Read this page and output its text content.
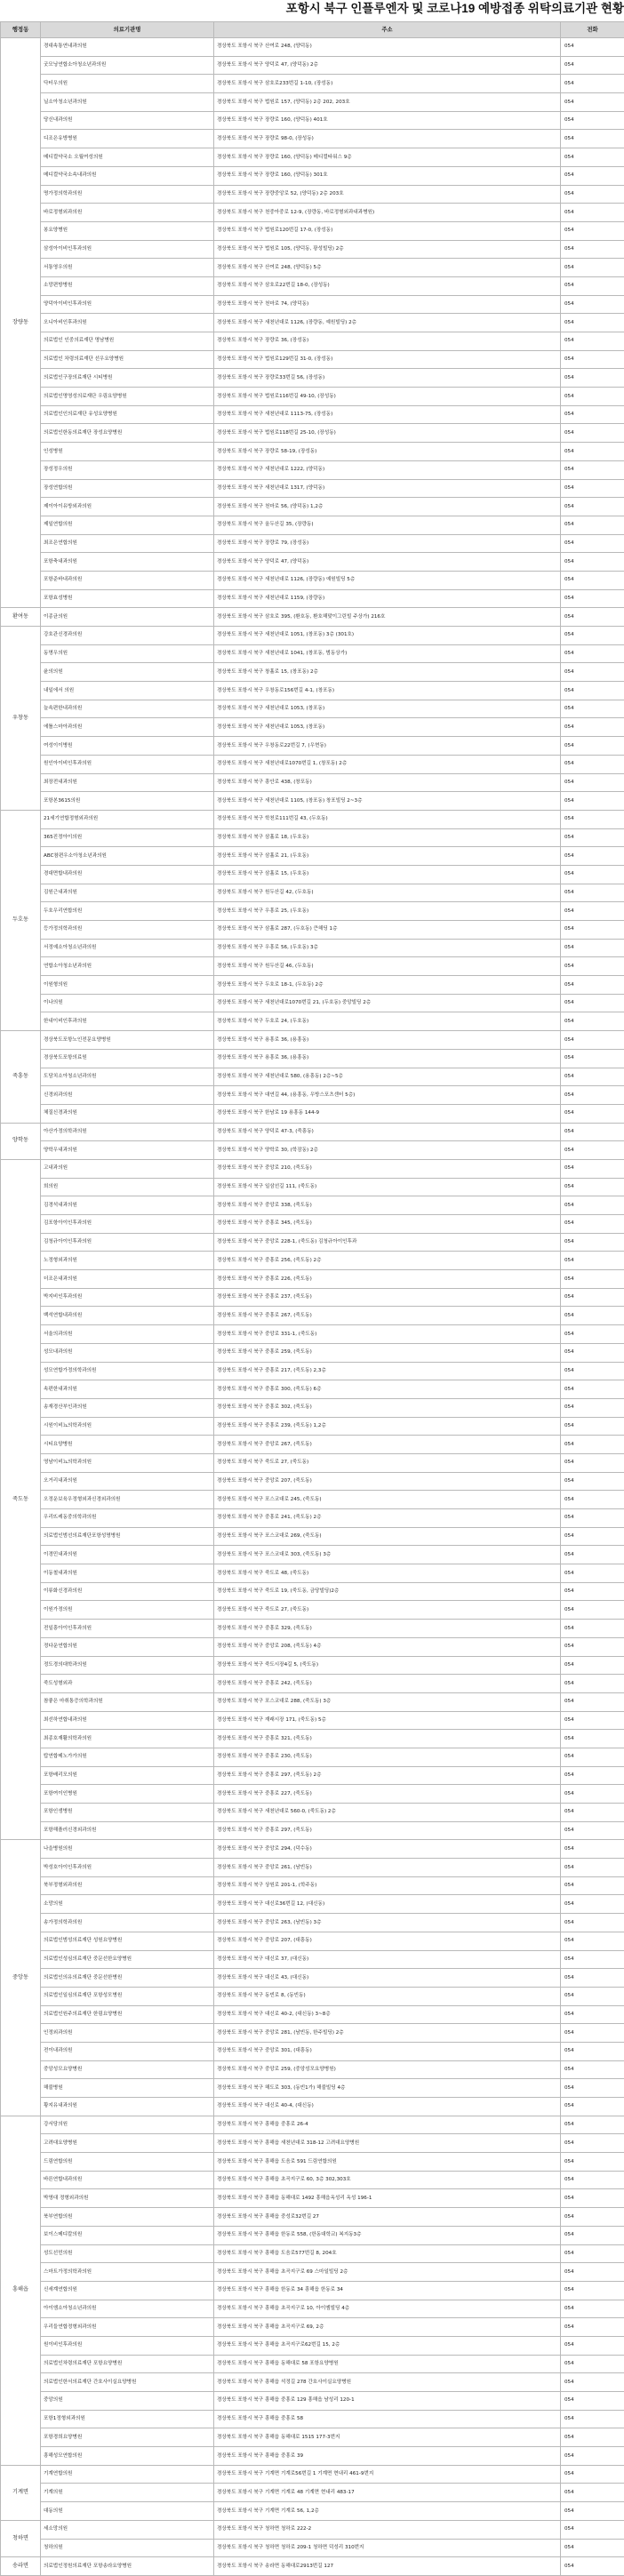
포항시 북구 인플루엔자 및 코로나19 예방접종 위탁의료기관 현황
행정동	의료기관명	주소	전화
장량동	경대속통연내과의원	경상북도 포항시 북구 산여로 248, (양덕동)	054
	굿모닝연합소아청소년과의원	경상북도 포항시 북구 양덕로 47, (양덕동) 2층	054
	닥터우의원	경상북도 포항시 북구 삼호로233번길 1-10, (장성동)	054
	닐소아청소년과의원	경상북도 포항시 북구 법원로 157, (양덕동) 2층 202, 203호	054
	당신내과의원	경상북도 포항시 북구 장량로 160, (양덕동) 401호	054
	디조은유방병원	경상북도 포항시 북구 장량로 98-0, (장성동)	054
	메디컬약국소 오월여성의원	경상북도 포항시 북구 장량로 160, (양덕동) 메디컬타워스 9층	054
	메디컬약국소속내과의원	경상북도 포항시 북구 장량로 160, (양덕동) 301호	054
	명가정의학과의원	경상북도 포항시 북구 장량중앙로 52, (양덕동) 2층 203호	054
	바로정형외과의원	경상북도 포항시 북구 천중아중로 12-9, (장량동, 바로정형외과내과병원)	054
	봉요양병원	경상북도 포항시 북구 법원로120번길 17-0, (장성동)	054
	삼성아이비인후과의원	경상북도 포항시 북구 법원로 105, (양덕동, 광성빌딩) 2층	054
	서통영우의원	경상북도 포항시 북구 산여로 248, (양덕동) 5층	054
	소망편방병원	경상북도 포항시 북구 삼호로22번길 18-0, (장성동)	054
	양덕아이비인후과의원	경상북도 포항시 북구 천마로 74, (양덕동)	054
	오니아비인후과의원	경상북도 포항시 북구 새천년대로 1126, (장량동, 예원빌딩) 2층	054
	의료법인 인중의료재단 명남병원	경상북도 포항시 북구 장량로 36, (장성동)	054
	의료법인 차령의료재단 선우요양병원	경상북도 포항시 북구 법원로129번길 31-0, (장성동)	054
	의료법인구장의료재단 시티병원	경상북도 포항시 북구 장량로33번길 56, (장성동)	054
	의료법인명영성의료재단 우림요양병원	경상북도 포항시 북구 법원로116번길 49-10, (장성동)	054
	의료법인인의료재단 유성요양병원	경상북도 포항시 북구 새천년대로 1113-75, (장성동)	054
	의료법인한동의료재단 장성요양병원	경상북도 포항시 북구 법원로118번길 25-10, (장성동)	054
	인성병원	경상북도 포항시 북구 장량로 58-19, (장성동)	054
	장성정우의원	경상북도 포항시 북구 새천년대로 1222, (양덕동)	054
	장성연합의원	경상북도 포항시 북구 새천년대로 1317, (양덕동)	054
	제이아이유방외과의원	경상북도 포항시 북구 천마로 56, (양덕동) 1,2층	054
	제일연합의원	경상북도 포항시 북구 올두산길 35, (장량동)	054
	최조은연합의원	경상북도 포항시 북구 장량로 79, (장성동)	054
	포항축내과의원	경상북도 포항시 북구 양덕로 47, (양덕동)	054
	포항준바내과의원	경상북도 포항시 북구 새천년대로 1126, (장량동) 예원빌딩 5층	054
	포항효성병원	경상북도 포항시 북구 새천년대로 1159, (장량동)	054
환여동	이종균의원	경상북도 포항시 북구 삼호로 395, (환호동, 환호해맞이그린빌 주상가) 216호	054
우창동	강호관신경과의원	경상북도 포항시 북구 새천년대로 1051, (창포동) 3층 (301호)	054
	동명우의원	경상북도 포항시 북구 새천년대로 1041, (창포동, 범동상가)	054
	윤의의원	경상북도 포항시 북구 창흘로 15, (창포동) 2층	054
	내일에서 의원	경상북도 포항시 북구 우창동로156번길 4-1, (창포동)	054
	늘속편한내과의원	경상북도 포항시 북구 새천년대로 1053, (창포동)	054
	에톨스마아과의원	경상북도 포항시 북구 새천년대로 1053, (창포동)	054
	여성이이병원	경상북도 포항시 북구 우창동로22번길 7, (우현동)	054
	원인아이비인후과의원	경상북도 포항시 북구 새천년대로1070번길 1, (창포동) 2층	054
	최장전내과의원	경상북도 포항시 북구 흥안로 438, (창포동)	054
	포항본3615의원	경상북도 포항시 북구 새천년대로 1105, (창포동) 창포빌딩 2~3층	054
두호동	21세기연합정형외과의원	경상북도 포항시 북구 학천로111번길 43, (두호동)	054
	365진정아이의원	경상북도 포항시 북구 삼흘로 18, (두호동)	054
	ABC참편우소아청소년과의원	경상북도 포항시 북구 삼흘로 21, (두호동)	054
	경대면합내과의원	경상북도 포항시 북구 삼흘로 15, (두호동)	054
	김원근내과의원	경상북도 포항시 북구 원두산길 42, (두호동)	054
	두호우리연합의원	경상북도 포항시 북구 우흥로 25, (두호동)	054
	등가정의학과의원	경상북도 포항시 북구 삼흘로 287, (두호동) 큰해딩 1층	054
	서정예소아청소년과의원	경상북도 포항시 북구 우흥로 56, (두호동) 3층	054
	연합소아청소년과의원	경상북도 포항시 북구 원두산길 46, (두호동)	054
	이원형의원	경상북도 포항시 북구 두호로 18-1, (두호동) 2층	054
	이나의원	경상북도 포항시 북구 새천년대로1070번길 21, (두호동) 중앙빌딩 2층	054
	한내이비인후과의원	경상북도 포항시 북구 두호로 24, (두호동)	054
죽흥동	경상북도포항노인전문요양병원	경상북도 포항시 북구 용흥로 36, (용흥동)	054
	경상북도포항의료원	경상북도 포항시 북구 용흥로 36, (용흥동)	054
	도담치소아청소년과의원	경상북도 포항시 북구 새천년대로 580, (용흥동) 2층~5층	054
	신경외과의원	경상북도 포항시 북구 대연길 44, (용흥동, 우방스포츠센터 5층)	054
	체질신경과의원	경상북도 포항시 북구 한남로 19 용흥동 144-9	054
양학동	아산가정의학과의원	경상북도 포항시 북구 양덕로 47-3, (죽흥동)	054
	양학우내과의원	경상북도 포항시 북구 양학로 30, (학잠동) 2층	054
죽도동	고내과의원	경상북도 포항시 북구 중앙로 210, (죽도동)	054
	희의원	경상북도 포항시 북구 일삼선길 111, (죽도동)	054
	김경석내과의원	경상북도 포항시 북구 중앙로 338, (죽도동)	054
	김포항아이인후과의원	경상북도 포항시 북구 중흥로 345, (죽도동)	054
	김청규아이인후과의원	경상북도 포항시 북구 중앙로 228-1, (죽도동) 김청규아이인후과	054
	노정형외과의원	경상북도 포항시 북구 중흥로 256, (죽도동) 2층	054
	더조은내과의원	경상북도 포항시 북구 중흥로 226, (죽도동)	054
	박지비인후과의원	경상북도 포항시 북구 중흥로 237, (죽도동)	054
	백석연합내과의원	경상북도 포항시 북구 중흥로 267, (죽도동)	054
	서울의과의원	경상북도 포항시 북구 중앙로 331-1, (죽도동)	054
	성모내과의원	경상북도 포항시 북구 중흥로 259, (죽도동)	054
	성모연합가정의학과의원	경상북도 포항시 북구 중흥로 217, (죽도동) 2,3층	054
	속편한내과의원	경상북도 포항시 북구 중흥로 300, (죽도동) 6층	054
	송재경산부인과의원	경상북도 포항시 북구 중흥로 302, (죽도동)	054
	시원이비뇨의학과의원	경상북도 포항시 북구 중흥로 239, (죽도동) 1,2층	054
	시티요양병원	경상북도 포항시 북구 중앙로 267, (죽도동)	054
	영남이비뇨의학과의원	경상북도 포항시 북구 죽도로 27, (죽도동)	054
	오거리내과의원	경상북도 포항시 북구 중앙로 207, (죽도동)	054
	오정운보육우정형외과신경외과의원	경상북도 포항시 북구 포스코대로 245, (죽도동)	054
	우리뜨레동중의학과의원	경상북도 포항시 북구 중흥로 241, (죽도동) 2층	054
	의료법인범선의료재단포항성명병원	경상북도 포항시 북구 포스코대로 269, (죽도동)	054
	이경민내과의원	경상북도 포항시 북구 포스코대로 303, (죽도동) 3층	054
	이동철내과의원	경상북도 포항시 북구 죽도로 48, (죽도동)	054
	이류화신경과의원	경상북도 포항시 북구 죽도로 19, (죽도동, 금당빌딩)2층	054
	이원가정의원	경상북도 포항시 북구 죽도로 27, (죽도동)	054
	전일흥아이인후과의원	경상북도 포항시 북구 중흥로 329, (죽도동)	054
	정다운연합의원	경상북도 포항시 북구 중앙로 208, (죽도동) 4층	054
	정도경의대학과의원	경상북도 포항시 북구 죽도시장4길 5, (죽도동)	054
	죽도성형외과	경상북도 포항시 북구 중흥로 242, (죽도동)	054
	참좋은 마취통증의학과의원	경상북도 포항시 북구 포스코대로 288, (죽도동) 3층	054
	최선하연합내과의원	경상북도 포항시 북구 재래시장 171, (죽도동) 5층	054
	최종호재활의학과의원	경상북도 포항시 북구 중흥로 321, (죽도동)	054
	탑연합메노가가의원	경상북도 포항시 북구 중흥로 230, (죽도동)	054
	포항배리모의원	경상북도 포항시 북구 중흥로 297, (죽도동) 2층	054
	포항여이인병원	경상북도 포항시 북구 중흥로 227, (죽도동)	054
	포항인생병원	경상북도 포항시 북구 새천년대로 560-0, (죽도동) 2층	054
	포항해플러신경외과의원	경상북도 포항시 북구 중흥로 297, (죽도동)	054
중앙동	나을병원의원	경상북도 포항시 북구 중앙로 294, (덕수동)	054
	박성호아이인후과의원	경상북도 포항시 북구 중앙로 261, (남빈동)	054
	북부정형외과의원	경상북도 포항시 북구 상원로 201-1, (학주동)	054
	소망의원	경상북도 포항시 북구 대신로36번길 12, (대신동)	054
	송가정의학과의원	경상북도 포항시 북구 중앙로 263, (남빈동) 3층	054
	의료법인범성의료재단 성원요양병원	경상북도 포항시 북구 중앙로 207, (대흥동)	054
	의료법인성심의료재단 중문선한요양병원	경상북도 포항시 북구 대신로 37, (대신동)	054
	의료법인의유의료재단 중문선한병원	경상북도 포항시 북구 대신로 43, (대신동)	054
	의료법인일심의료재단 포항성모병원	경상북도 포항시 북구 동빈로 8, (동빈동)	054
	의료법인원주의료재단 한림요양병원	경상북도 포항시 북구 대신로 40-2, (대신동) 3~8층	054
	인정외과의원	경상북도 포항시 북구 중앙로 281, (남빈동, 한주빌딩) 2층	054
	전이내과의원	경상북도 포항시 북구 중앙로 301, (대흥동)	054
	중앙성모요양병원	경상북도 포항시 북구 중앙로 259, (중앙성모요양병원)	054
	해불병원	경상북도 포항시 북구 해도로 303, (동빈1가) 해불빌딩 4층	054
	황지유내과의원	경상북도 포항시 북구 대신로 40-4, (대신동)	054
흥해읍	강서당의원	경상북도 포항시 북구 흥해읍 중흥로 26-4	054
	고려대요양병원	경상북도 포항시 북구 흥해읍 새천년대로 318-12 고려대요양병원	054
	드림연합의원	경상북도 포항시 북구 흥해읍 도음로 591 드림연합의원	054
	바른연합내과의원	경상북도 포항시 북구 흥해읍 초곡지구로 60, 3층 302,303호	054
	박영대 정형외과의원	경상북도 포항시 북구 흥해읍 동해대로 1492 흥해읍옥성리 옥성 196-1	054
	북부연합의원	경상북도 포항시 북구 흥해읍 중성로32번길 27	054
	보이스메디칼의원	경상북도 포항시 북구 흥해읍 한동로 558, (한동대학교) 복지동3층	054
	성도선민의원	경상북도 포항시 북구 흥해읍 도음로577번길 8, 204호	054
	스마트가정의학과의원	경상북도 포항시 북구 흥해읍 초곡지구로 69 스마일빌딩 2층	054
	신세계연합의원	경상북도 포항시 북구 흥해읍 한동로 34 흥해읍 한동로 34	054
	아이엠소아청소년과의원	경상북도 포항시 북구 흥해읍 초곡지구로 10, 아이엠빌딩 4층	054
	우리들연합정형외과의원	경상북도 포항시 북구 흥해읍 초곡지구로 69, 2층	054
	원이비인후과의원	경상북도 포항시 북구 흥해읍 초곡지구로62번길 15, 2층	054
	의료법인차령의료재단 포항요양병원	경상북도 포항시 북구 흥해읍 동해대로 58 포항요양병원	054
	의료법인한서의료재단 간호사이실요양병원	경상북도 포항시 북구 흥해읍 석정길 278 간호사이실요양병원	054
	중앙의원	경상북도 포항시 북구 흥해읍 중흥로 129 흥해읍 남성리 120-1	054
	포항1정형외과의원	경상북도 포항시 북구 흥해읍 중흥로 58	054
	포항경희요양병원	경상북도 포항시 북구 흥해읍 동해대로 1515 177-3번지	054
	흥해성모연합의원	경상북도 포항시 북구 흥해읍 중흥로 39	054
기계면	기계연합의원	경상북도 포항시 북구 기계면 기계로56번길 1 기계면 현내리 461-9번지	054
	기계의원	경상북도 포항시 북구 기계면 기계로 48 기계면 현내리 483-17	054
	대동의원	경상북도 포항시 북구 기계면 기계로 56, 1,2층	054
청하면	세소망의원	경상북도 포항시 북구 청하면 청하로 222-2	054
	청하의원	경상북도 포항시 북구 청하면 청하로 209-1 청하면 덕성리 310번지	054
송라면	의료법인정원의료재단 포항송라요양병원	경상북도 포항시 북구 송라면 동해대로2913번길 127	054
